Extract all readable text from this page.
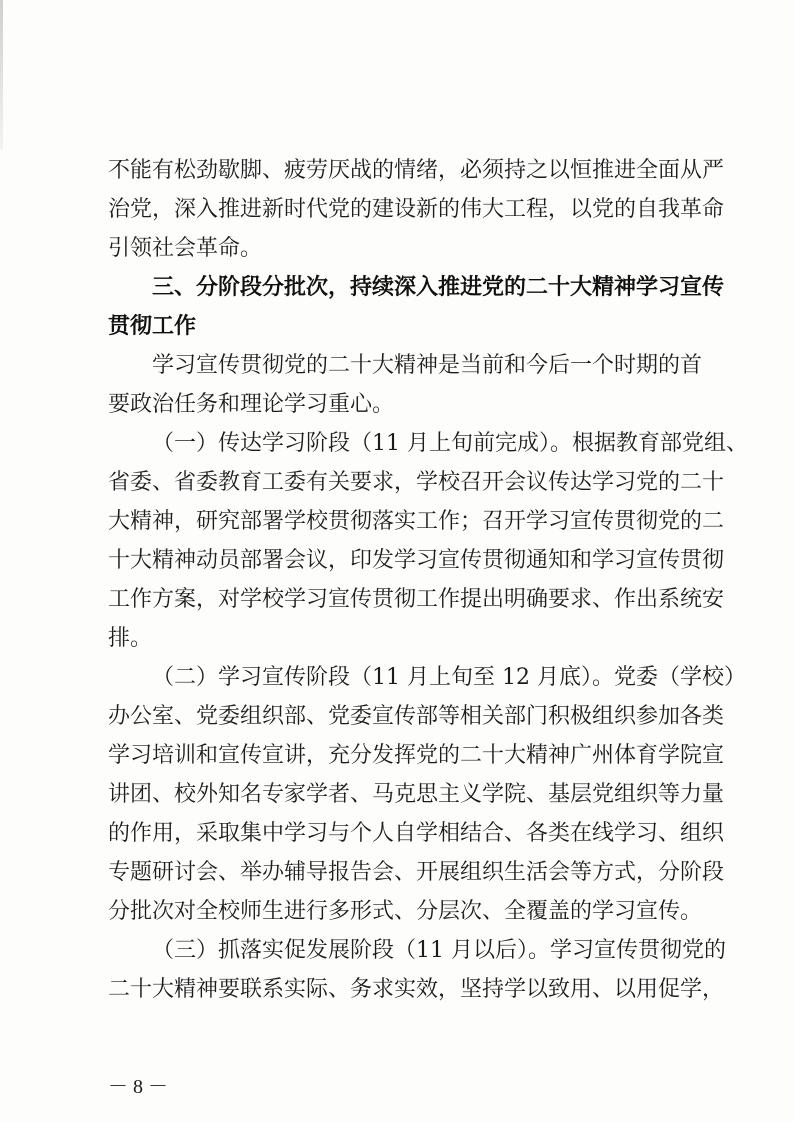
不能有松劲歇脚、疲劳厌战的情绪，必须持之以恒推进全面从严

治党，深入推进新时代党的建设新的伟大工程，以党的自我革命

引领社会革命。

三、分阶段分批次，持续深入推进党的二十大精神学习宣传

贯彻工作

学习宣传贯彻党的二十大精神是当前和今后一个时期的首

要政治任务和理论学习重心。

（一）传达学习阶段（11 月上旬前完成）。根据教育部党组、

省委、省委教育工委有关要求，学校召开会议传达学习党的二十

大精神，研究部署学校贯彻落实工作；召开学习宣传贯彻党的二

十大精神动员部署会议，印发学习宣传贯彻通知和学习宣传贯彻

工作方案，对学校学习宣传贯彻工作提出明确要求、作出系统安

排。

（二）学习宣传阶段（11 月上旬至 12 月底）。党委（学校）

办公室、党委组织部、党委宣传部等相关部门积极组织参加各类

学习培训和宣传宣讲，充分发挥党的二十大精神广州体育学院宣

讲团、校外知名专家学者、马克思主义学院、基层党组织等力量

的作用，采取集中学习与个人自学相结合、各类在线学习、组织

专题研讨会、举办辅导报告会、开展组织生活会等方式，分阶段

分批次对全校师生进行多形式、分层次、全覆盖的学习宣传。

（三）抓落实促发展阶段（11 月以后）。学习宣传贯彻党的

二十大精神要联系实际、务求实效，坚持学以致用、以用促学，

－ 8 －
